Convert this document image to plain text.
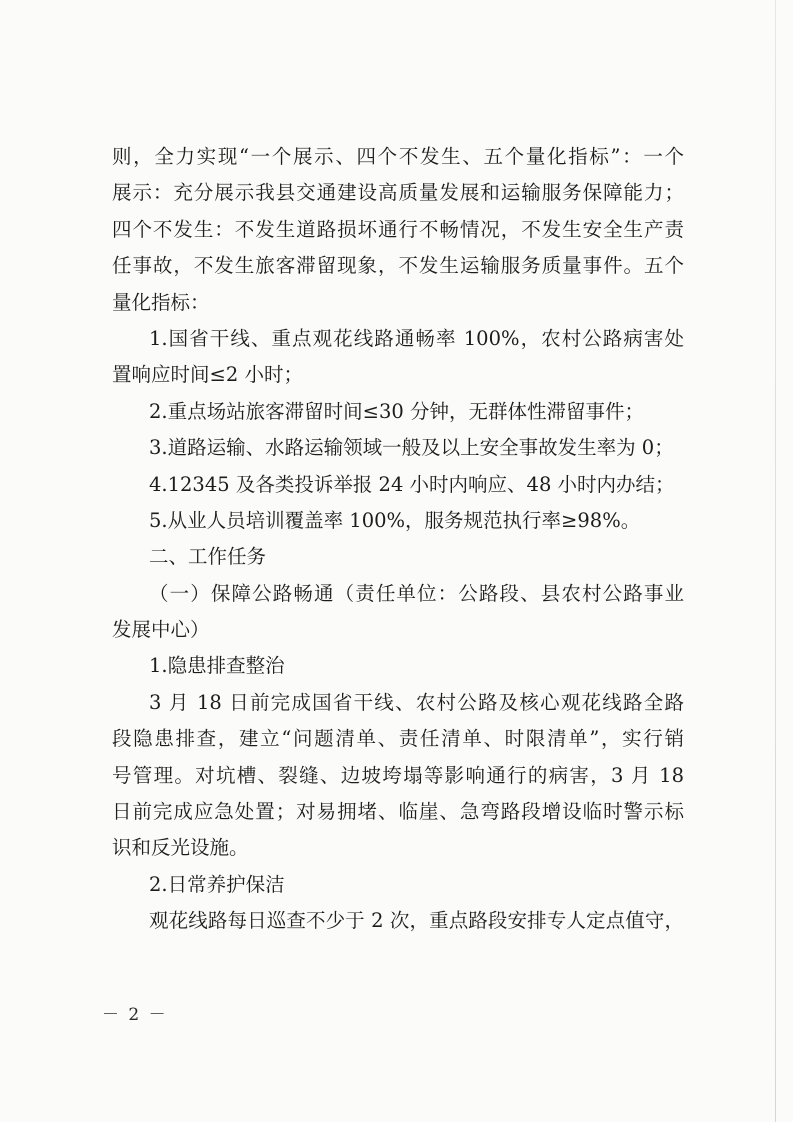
则，全力实现“一个展示、四个不发生、五个量化指标”：一个

展示：充分展示我县交通建设高质量发展和运输服务保障能力；

四个不发生：不发生道路损坏通行不畅情况，不发生安全生产责

任事故，不发生旅客滞留现象，不发生运输服务质量事件。五个

量化指标：

1.国省干线、重点观花线路通畅率 100%，农村公路病害处

置响应时间≤2 小时；

2.重点场站旅客滞留时间≤30 分钟，无群体性滞留事件；

3.道路运输、水路运输领域一般及以上安全事故发生率为 0；

4.12345 及各类投诉举报 24 小时内响应、48 小时内办结；

5.从业人员培训覆盖率 100%，服务规范执行率≥98%。

二、工作任务

（一）保障公路畅通（责任单位：公路段、县农村公路事业

发展中心）

1.隐患排查整治

3 月 18 日前完成国省干线、农村公路及核心观花线路全路

段隐患排查，建立“问题清单、责任清单、时限清单”，实行销

号管理。对坑槽、裂缝、边坡垮塌等影响通行的病害，3 月 18

日前完成应急处置；对易拥堵、临崖、急弯路段增设临时警示标

识和反光设施。

2.日常养护保洁

观花线路每日巡查不少于 2 次，重点路段安排专人定点值守，

－ 2 －
